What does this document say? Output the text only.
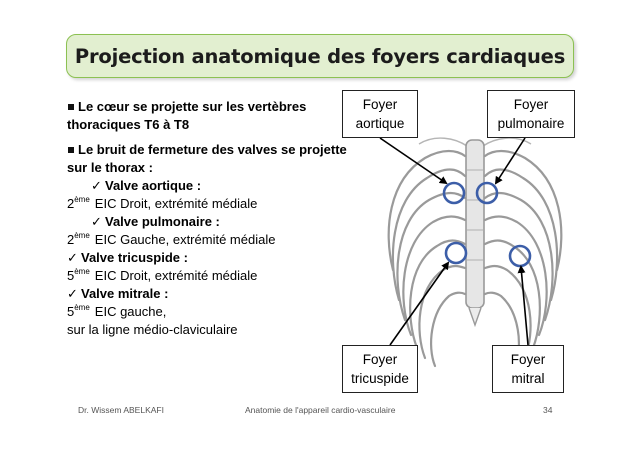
Projection anatomique des foyers cardiaques
Le cœur se projette sur les vertèbres
thoraciques T6 à T8
Le bruit de fermeture des valves se projette
sur le thorax :
✓ Valve aortique :
2ème EIC Droit, extrémité médiale
✓ Valve pulmonaire :
2ème EIC Gauche, extrémité médiale
✓ Valve tricuspide :
5ème EIC Droit, extrémité médiale
✓ Valve mitrale :
5ème EIC gauche,
sur la ligne médio-claviculaire
Foyer
aortique
Foyer
pulmonaire
Foyer
tricuspide
Foyer
mitral
Dr. Wissem ABELKAFI	Anatomie de l'appareil cardio-vasculaire	34
